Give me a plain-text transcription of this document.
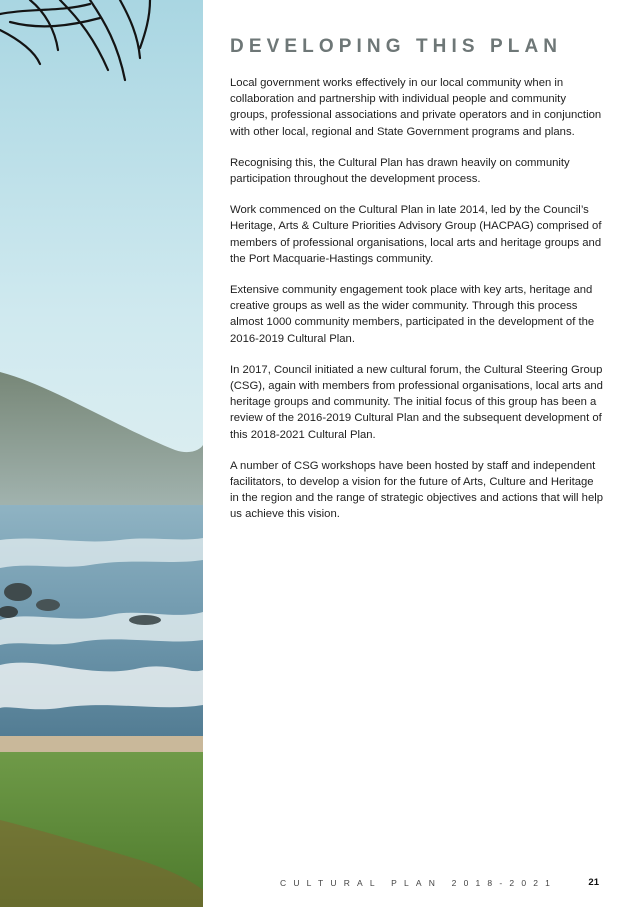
DEVELOPING THIS PLAN

Local government works effectively in our local community when in collaboration and partnership with individual people and community groups, professional associations and private operators and in conjunction with other local, regional and State Government programs and plans.

Recognising this, the Cultural Plan has drawn heavily on community participation throughout the development process.

Work commenced on the Cultural Plan in late 2014, led by the Council’s Heritage, Arts & Culture Priorities Advisory Group (HACPAG) comprised of members of professional organisations, local arts and heritage groups and the Port Macquarie-Hastings community.

Extensive community engagement took place with key arts, heritage and creative groups as well as the wider community. Through this process almost 1000 community members, participated in the development of the 2016-2019 Cultural Plan.

In 2017, Council initiated a new cultural forum, the Cultural Steering Group (CSG), again with members from professional organisations, local arts and heritage groups and community. The initial focus of this group has been a review of the 2016-2019 Cultural Plan and the subsequent development of this 2018-2021 Cultural Plan.

A number of CSG workshops have been hosted by staff and independent facilitators, to develop a vision for the future of Arts, Culture and Heritage in the region and the range of strategic objectives and actions that will help us achieve this vision.

CULTURAL PLAN 2018-2021	21
